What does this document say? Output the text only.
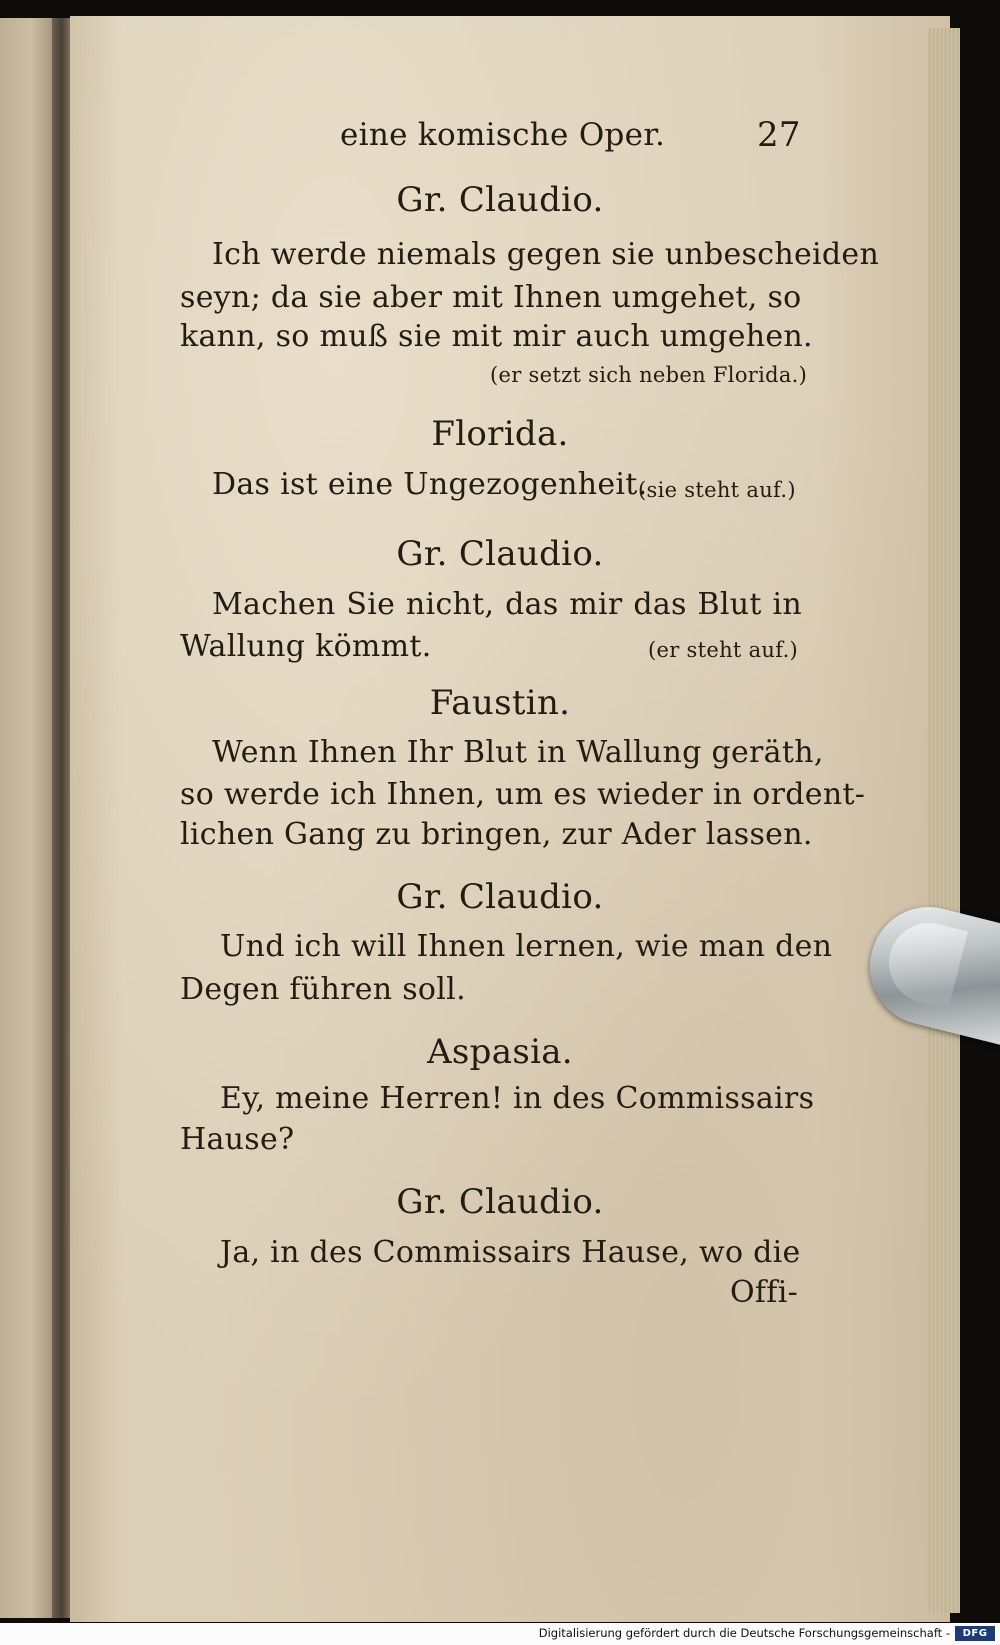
eine komische Oper.	27

Gr. Claudio.

Ich werde niemals gegen sie unbescheiden

seyn; da sie aber mit Ihnen umgehet, so

kann, so muß sie mit mir auch umgehen.

(er setzt sich neben Florida.)

Florida.

Das ist eine Ungezogenheit.

(sie steht auf.)

Gr. Claudio.

Machen Sie nicht, das mir das Blut in

Wallung kömmt.	(er steht auf.)

Faustin.

Wenn Ihnen Ihr Blut in Wallung geräth,

so werde ich Ihnen, um es wieder in ordent-

lichen Gang zu bringen, zur Ader lassen.

Gr. Claudio.

Und ich will Ihnen lernen, wie man den

Degen führen soll.

Aspasia.

Ey, meine Herren! in des Commissairs

Hause?

Gr. Claudio.

Ja, in des Commissairs Hause, wo die

Offi-

Digitalisierung gefördert durch die Deutsche Forschungsgemeinschaft -	DFG
